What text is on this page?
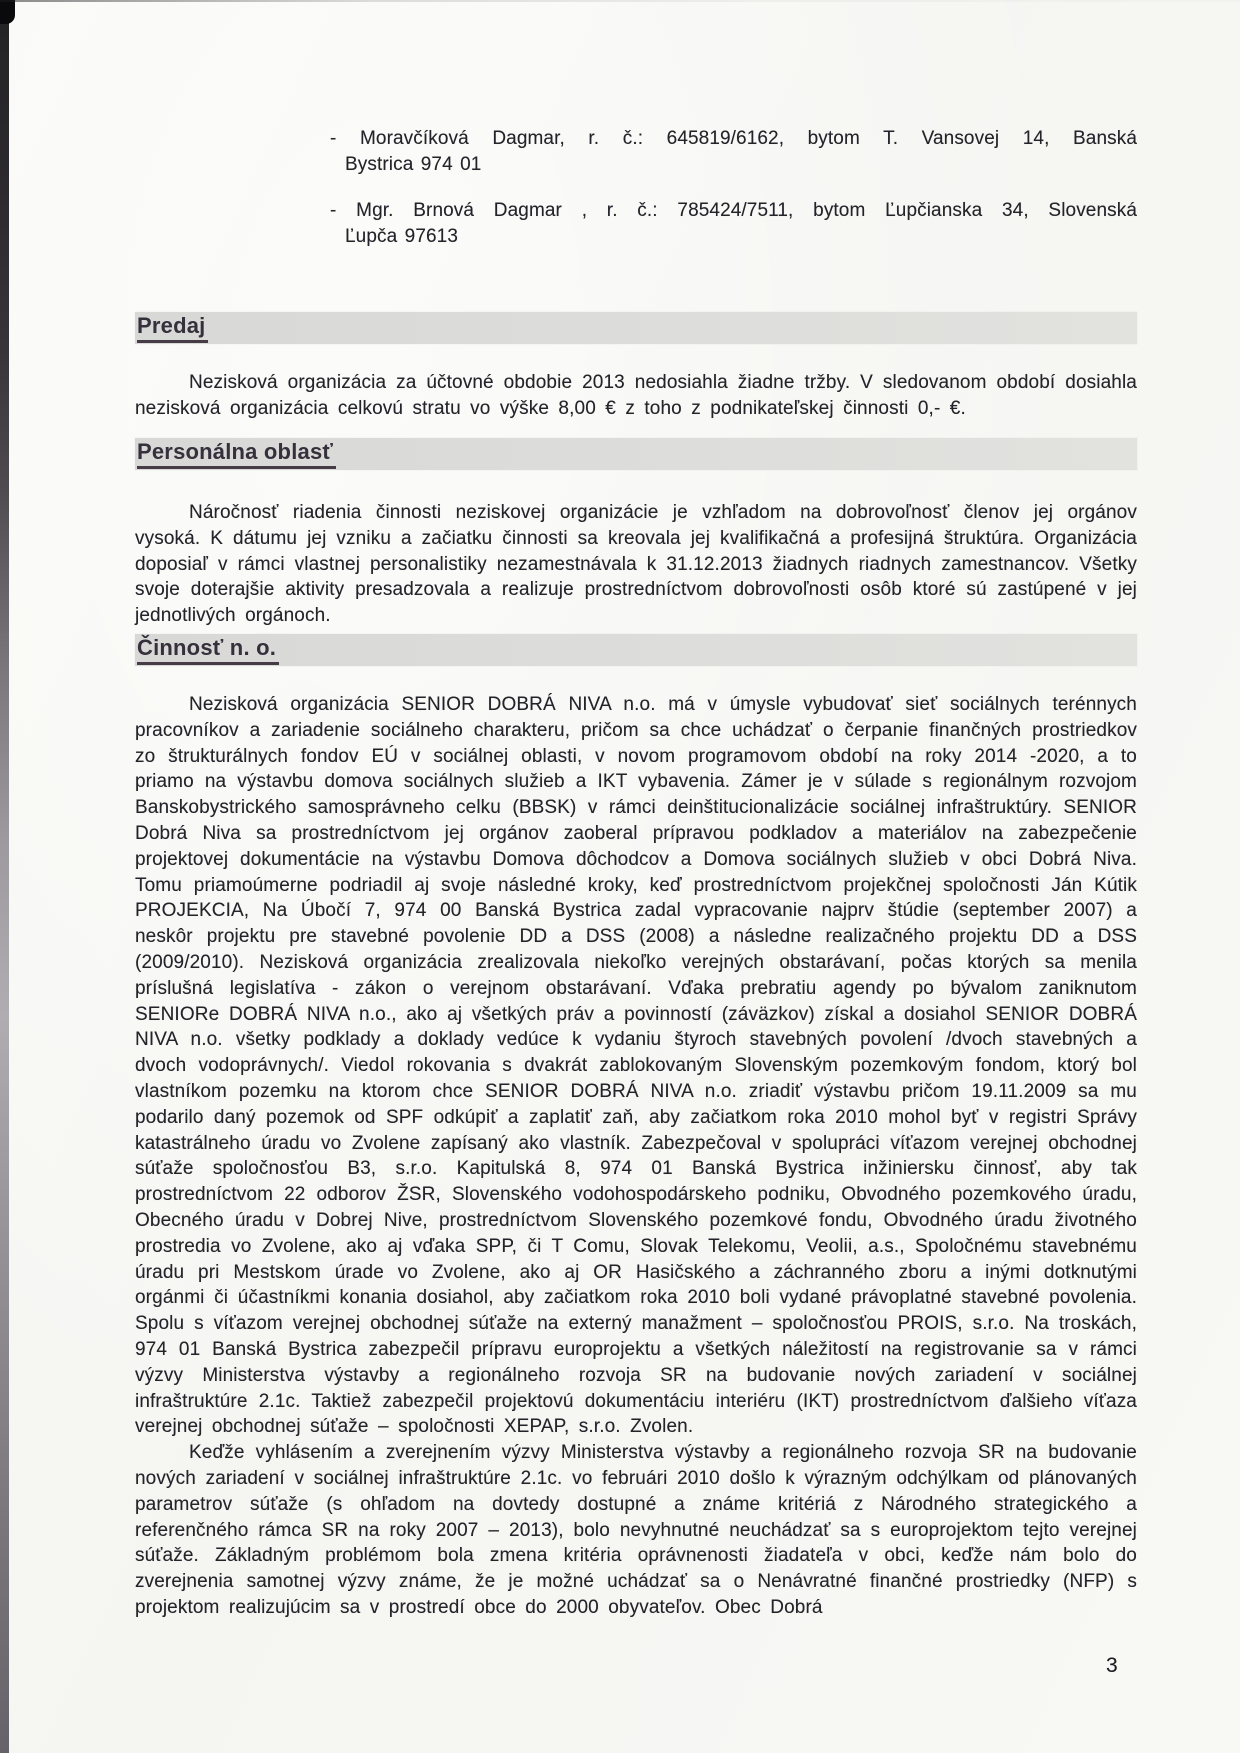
- Moravčíková Dagmar, r. č.: 645819/6162, bytom T. Vansovej 14, Banská
Bystrica 974 01
- Mgr. Brnová Dagmar , r. č.: 785424/7511, bytom Ľupčianska 34, Slovenská
Ľupča 97613
Predaj

Nezisková organizácia za účtovné obdobie 2013 nedosiahla žiadne tržby. V sledovanom období dosiahla nezisková organizácia celkovú stratu vo výške 8,00 € z toho z podnikateľskej činnosti 0,- €.

Personálna oblasť

Náročnosť riadenia činnosti neziskovej organizácie je vzhľadom na dobrovoľnosť členov jej orgánov vysoká. K dátumu jej vzniku a začiatku činnosti sa kreovala jej kvalifikačná a profesijná štruktúra. Organizácia doposiaľ v rámci vlastnej personalistiky nezamestnávala k 31.12.2013 žiadnych riadnych zamestnancov. Všetky svoje doterajšie aktivity presadzovala a realizuje prostredníctvom dobrovoľnosti osôb ktoré sú zastúpené v jej jednotlivých orgánoch.

Činnosť n. o.

Nezisková organizácia SENIOR DOBRÁ NIVA n.o. má v úmysle vybudovať sieť sociálnych terénnych pracovníkov a zariadenie sociálneho charakteru, pričom sa chce uchádzať o čerpanie finančných prostriedkov zo štrukturálnych fondov EÚ v sociálnej oblasti, v novom programovom období na roky 2014 -2020, a to priamo na výstavbu domova sociálnych služieb a IKT vybavenia. Zámer je v súlade s regionálnym rozvojom Banskobystrického samosprávneho celku (BBSK) v rámci deinštitucionalizácie sociálnej infraštruktúry. SENIOR Dobrá Niva sa prostredníctvom jej orgánov zaoberal prípravou podkladov a materiálov na zabezpečenie projektovej dokumentácie na výstavbu Domova dôchodcov a Domova sociálnych služieb v obci Dobrá Niva. Tomu priamoúmerne podriadil aj svoje následné kroky, keď prostredníctvom projekčnej spoločnosti Ján Kútik PROJEKCIA, Na Úbočí 7, 974 00 Banská Bystrica zadal vypracovanie najprv štúdie (september 2007) a neskôr projektu pre stavebné povolenie DD a DSS (2008) a následne realizačného projektu DD a DSS (2009/2010). Nezisková organizácia zrealizovala niekoľko verejných obstarávaní, počas ktorých sa menila príslušná legislatíva - zákon o verejnom obstarávaní. Vďaka prebratiu agendy po bývalom zaniknutom SENIORe DOBRÁ NIVA n.o., ako aj všetkých práv a povinností (záväzkov) získal a dosiahol SENIOR DOBRÁ NIVA n.o. všetky podklady a doklady vedúce k vydaniu štyroch stavebných povolení /dvoch stavebných a dvoch vodoprávnych/. Viedol rokovania s dvakrát zablokovaným Slovenským pozemkovým fondom, ktorý bol vlastníkom pozemku na ktorom chce SENIOR DOBRÁ NIVA n.o. zriadiť výstavbu pričom 19.11.2009 sa mu podarilo daný pozemok od SPF odkúpiť a zaplatiť zaň, aby začiatkom roka 2010 mohol byť v registri Správy katastrálneho úradu vo Zvolene zapísaný ako vlastník. Zabezpečoval v spolupráci víťazom verejnej obchodnej súťaže spoločnosťou B3, s.r.o. Kapitulská 8, 974 01 Banská Bystrica inžiniersku činnosť, aby tak prostredníctvom 22 odborov ŽSR, Slovenského vodohospodárskeho podniku, Obvodného pozemkového úradu, Obecného úradu v Dobrej Nive, prostredníctvom Slovenského pozemkové fondu, Obvodného úradu životného prostredia vo Zvolene, ako aj vďaka SPP, či T Comu, Slovak Telekomu, Veolii, a.s., Spoločnému stavebnému úradu pri Mestskom úrade vo Zvolene, ako aj OR Hasičského a záchranného zboru a inými dotknutými orgánmi či účastníkmi konania dosiahol, aby začiatkom roka 2010 boli vydané právoplatné stavebné povolenia. Spolu s víťazom verejnej obchodnej súťaže na externý manažment – spoločnosťou PROIS, s.r.o. Na troskách, 974 01 Banská Bystrica zabezpečil prípravu europrojektu a všetkých náležitostí na registrovanie sa v rámci výzvy Ministerstva výstavby a regionálneho rozvoja SR na budovanie nových zariadení v sociálnej infraštruktúre 2.1c. Taktiež zabezpečil projektovú dokumentáciu interiéru (IKT) prostredníctvom ďalšieho víťaza verejnej obchodnej súťaže – spoločnosti XEPAP, s.r.o. Zvolen.

Keďže vyhlásením a zverejnením výzvy Ministerstva výstavby a regionálneho rozvoja SR na budovanie nových zariadení v sociálnej infraštruktúre 2.1c. vo februári 2010 došlo k výrazným odchýlkam od plánovaných parametrov súťaže (s ohľadom na dovtedy dostupné a známe kritériá z Národného strategického a referenčného rámca SR na roky 2007 – 2013), bolo nevyhnutné neuchádzať sa s europrojektom tejto verejnej súťaže. Základným problémom bola zmena kritéria oprávnenosti žiadateľa v obci, keďže nám bolo do zverejnenia samotnej výzvy známe, že je možné uchádzať sa o Nenávratné finančné prostriedky (NFP) s projektom realizujúcim sa v prostredí obce do 2000 obyvateľov. Obec Dobrá

3
